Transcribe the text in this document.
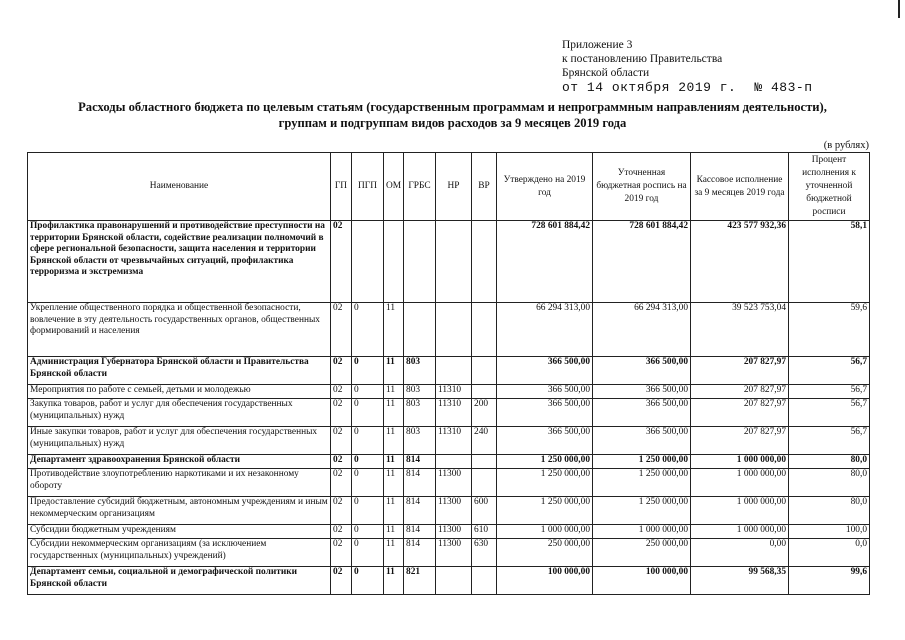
Приложение 3
к постановлению Правительства
Брянской области
от 14 октября 2019 г. № 483-п
Расходы областного бюджета по целевым статьям (государственным программам и непрограммным направлениям деятельности),
группам и подгруппам видов расходов за 9 месяцев 2019 года
(в рублях)
Наименование	ГП	ПГП	ОМ	ГРБС	НР	ВР	Утверждено на 2019 год	Уточненная бюджетная роспись на 2019 год	Кассовое исполнение за 9 месяцев 2019 года	Процент исполнения к уточненной бюджетной росписи
Профилактика правонарушений и противодействие преступности на территории Брянской области, содействие реализации полномочий в сфере региональной безопасности, защита населения и территории Брянской области от чрезвычайных ситуаций, профилактика терроризма и экстремизма	02						728 601 884,42	728 601 884,42	423 577 932,36	58,1
Укрепление общественного порядка и общественной безопасности, вовлечение в эту деятельность государственных органов, общественных формирований и населения	02	0	11				66 294 313,00	66 294 313,00	39 523 753,04	59,6
Администрация Губернатора Брянской области и Правительства Брянской области	02	0	11	803			366 500,00	366 500,00	207 827,97	56,7
Мероприятия по работе с семьей, детьми и молодежью	02	0	11	803	11310		366 500,00	366 500,00	207 827,97	56,7
Закупка товаров, работ и услуг для обеспечения государственных (муниципальных) нужд	02	0	11	803	11310	200	366 500,00	366 500,00	207 827,97	56,7
Иные закупки товаров, работ и услуг для обеспечения государственных (муниципальных) нужд	02	0	11	803	11310	240	366 500,00	366 500,00	207 827,97	56,7
Департамент здравоохранения Брянской области	02	0	11	814			1 250 000,00	1 250 000,00	1 000 000,00	80,0
Противодействие злоупотреблению наркотиками и их незаконному обороту	02	0	11	814	11300		1 250 000,00	1 250 000,00	1 000 000,00	80,0
Предоставление субсидий бюджетным, автономным учреждениям и иным некоммерческим организациям	02	0	11	814	11300	600	1 250 000,00	1 250 000,00	1 000 000,00	80,0
Субсидии бюджетным учреждениям	02	0	11	814	11300	610	1 000 000,00	1 000 000,00	1 000 000,00	100,0
Субсидии некоммерческим организациям (за исключением государственных (муниципальных) учреждений)	02	0	11	814	11300	630	250 000,00	250 000,00	0,00	0,0
Департамент семьи, социальной и демографической политики Брянской области	02	0	11	821			100 000,00	100 000,00	99 568,35	99,6
